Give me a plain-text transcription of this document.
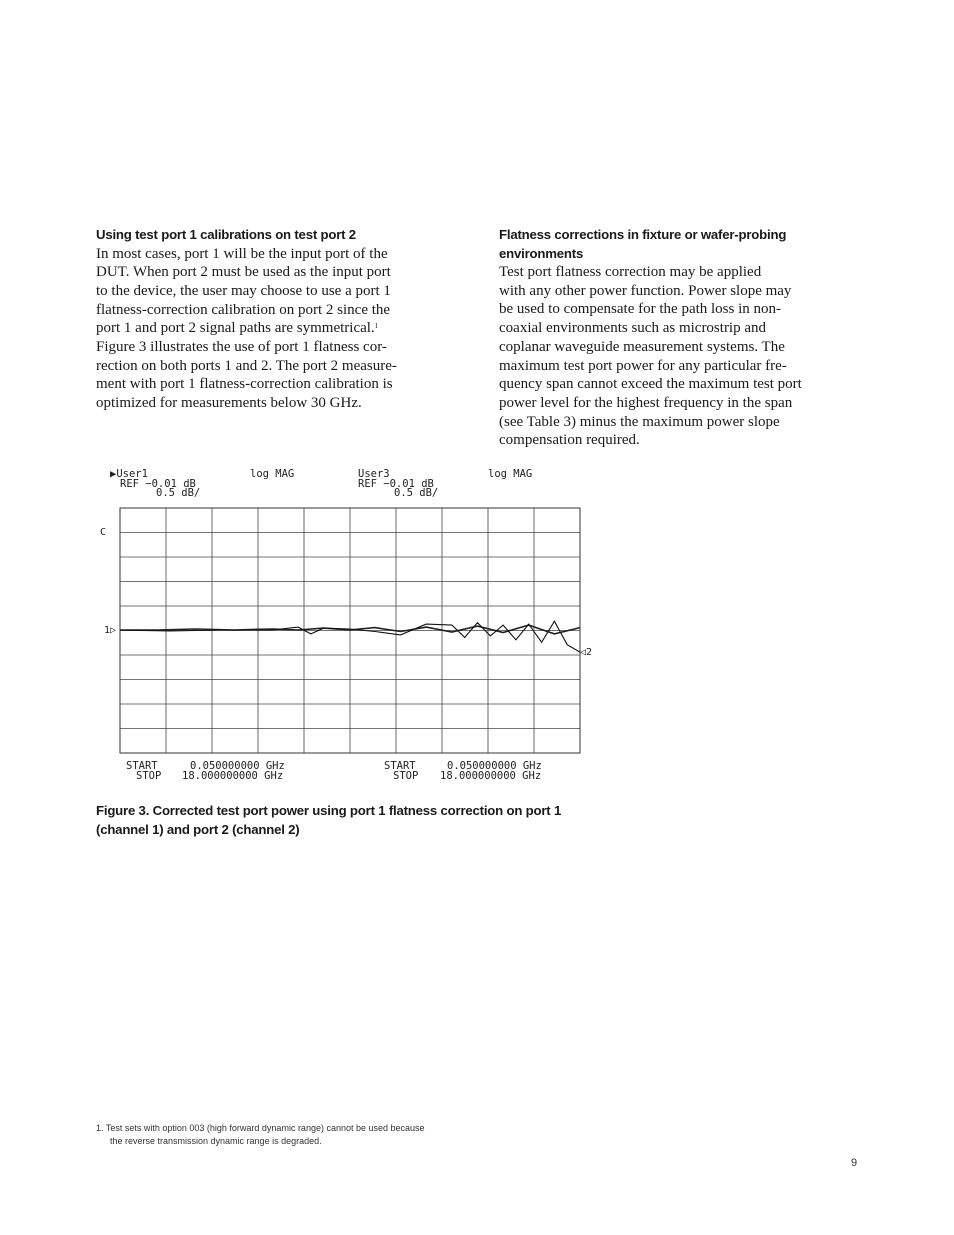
Using test port 1 calibrations on test port 2

In most cases, port 1 will be the input port of the
DUT. When port 2 must be used as the input port
to the device, the user may choose to use a port 1
flatness-correction calibration on port 2 since the
port 1 and port 2 signal paths are symmetrical.$^1$
Figure 3 illustrates the use of port 1 flatness cor-
rection on both ports 1 and 2. The port 2 measure-
ment with port 1 flatness-correction calibration is
optimized for measurements below 30 GHz.

Flatness corrections in fixture or wafer-probing
environments

Test port flatness correction may be applied
with any other power function. Power slope may
be used to compensate for the path loss in non-
coaxial environments such as microstrip and
coplanar waveguide measurement systems. The
maximum test port power for any particular fre-
quency span cannot exceed the maximum test port
power level for the highest frequency in the span
(see Table 3) minus the maximum power slope
compensation required.

▶User1	log MAG
REF −0.01 dB
0.5 dB/
User3	log MAG
REF −0.01 dB
0.5 dB/
C
1▷
◁2
START	0.050000000 GHz
STOP 18.000000000 GHz
START	0.050000000 GHz
STOP 18.000000000 GHz
Figure 3. Corrected test port power using port 1 flatness correction on port 1
(channel 1) and port 2 (channel 2)
1. Test sets with option 003 (high forward dynamic range) cannot be used because
the reverse transmission dynamic range is degraded.
9
